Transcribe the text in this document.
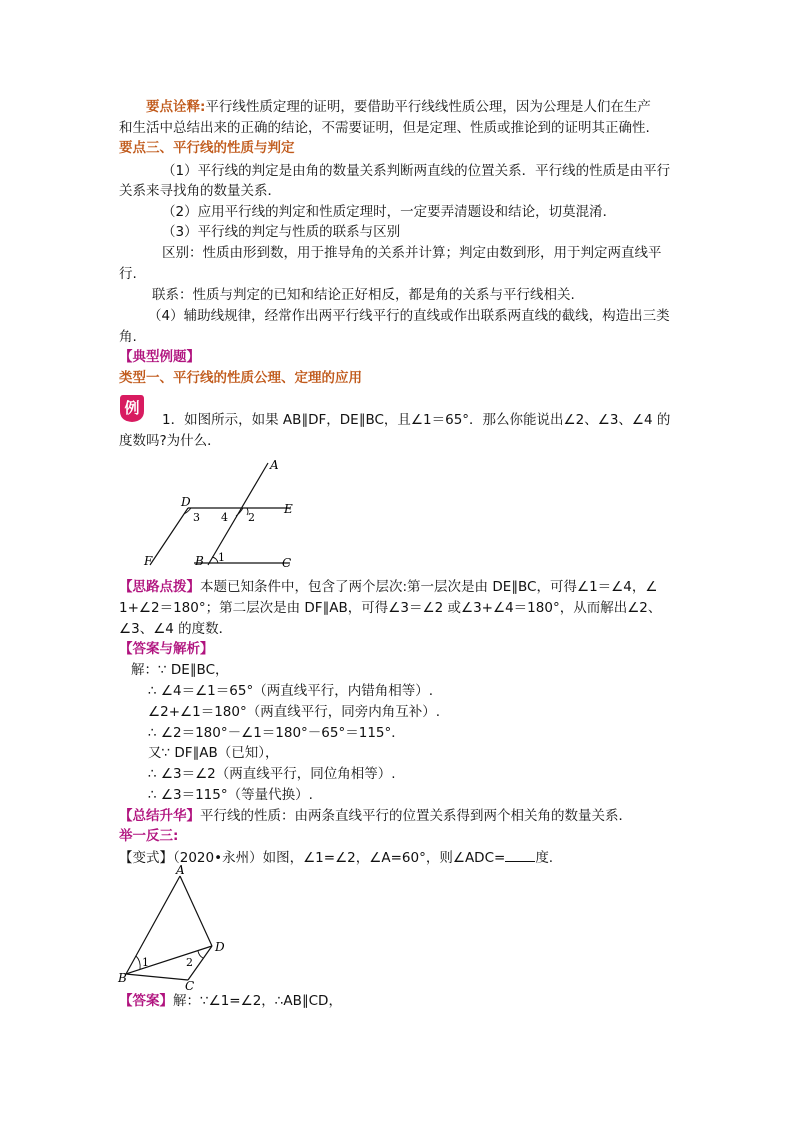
要点诠释:平行线性质定理的证明，要借助平行线线性质公理，因为公理是人们在生产
和生活中总结出来的正确的结论，不需要证明，但是定理、性质或推论到的证明其正确性.
要点三、平行线的性质与判定
（1）平行线的判定是由角的数量关系判断两直线的位置关系．平行线的性质是由平行
关系来寻找角的数量关系．
（2）应用平行线的判定和性质定理时，一定要弄清题设和结论，切莫混淆．
（3）平行线的判定与性质的联系与区别
区别：性质由形到数，用于推导角的关系并计算；判定由数到形，用于判定两直线平
行.
联系：性质与判定的已知和结论正好相反，都是角的关系与平行线相关.
（4）辅助线规律，经常作出两平行线平行的直线或作出联系两直线的截线，构造出三类
角.
【典型例题】
类型一、平行线的性质公理、定理的应用
例
1．如图所示，如果 AB∥DF，DE∥BC，且∠1＝65°．那么你能说出∠2、∠3、∠4 的
度数吗?为什么．
A
D	E
F	B	C
3 4 2
1
【思路点拨】本题已知条件中，包含了两个层次:第一层次是由 DE∥BC，可得∠1＝∠4，∠
1+∠2＝180°；第二层次是由 DF∥AB，可得∠3＝∠2 或∠3+∠4＝180°，从而解出∠2、
∠3、∠4 的度数．
【答案与解析】
解：∵ DE∥BC，
∴ ∠4＝∠1＝65°（两直线平行，内错角相等）.
∠2+∠1＝180°（两直线平行，同旁内角互补）.
∴ ∠2＝180°－∠1＝180°－65°＝115°．
又∵ DF∥AB（已知），
∴ ∠3＝∠2（两直线平行，同位角相等）.
∴ ∠3＝115°（等量代换）.
【总结升华】平行线的性质：由两条直线平行的位置关系得到两个相关角的数量关系．
举一反三:
【变式】（2020•永州）如图，∠1=∠2，∠A=60°，则∠ADC= 度.
A
D
B
C
1	2
【答案】解：∵∠1=∠2，∴AB∥CD，
